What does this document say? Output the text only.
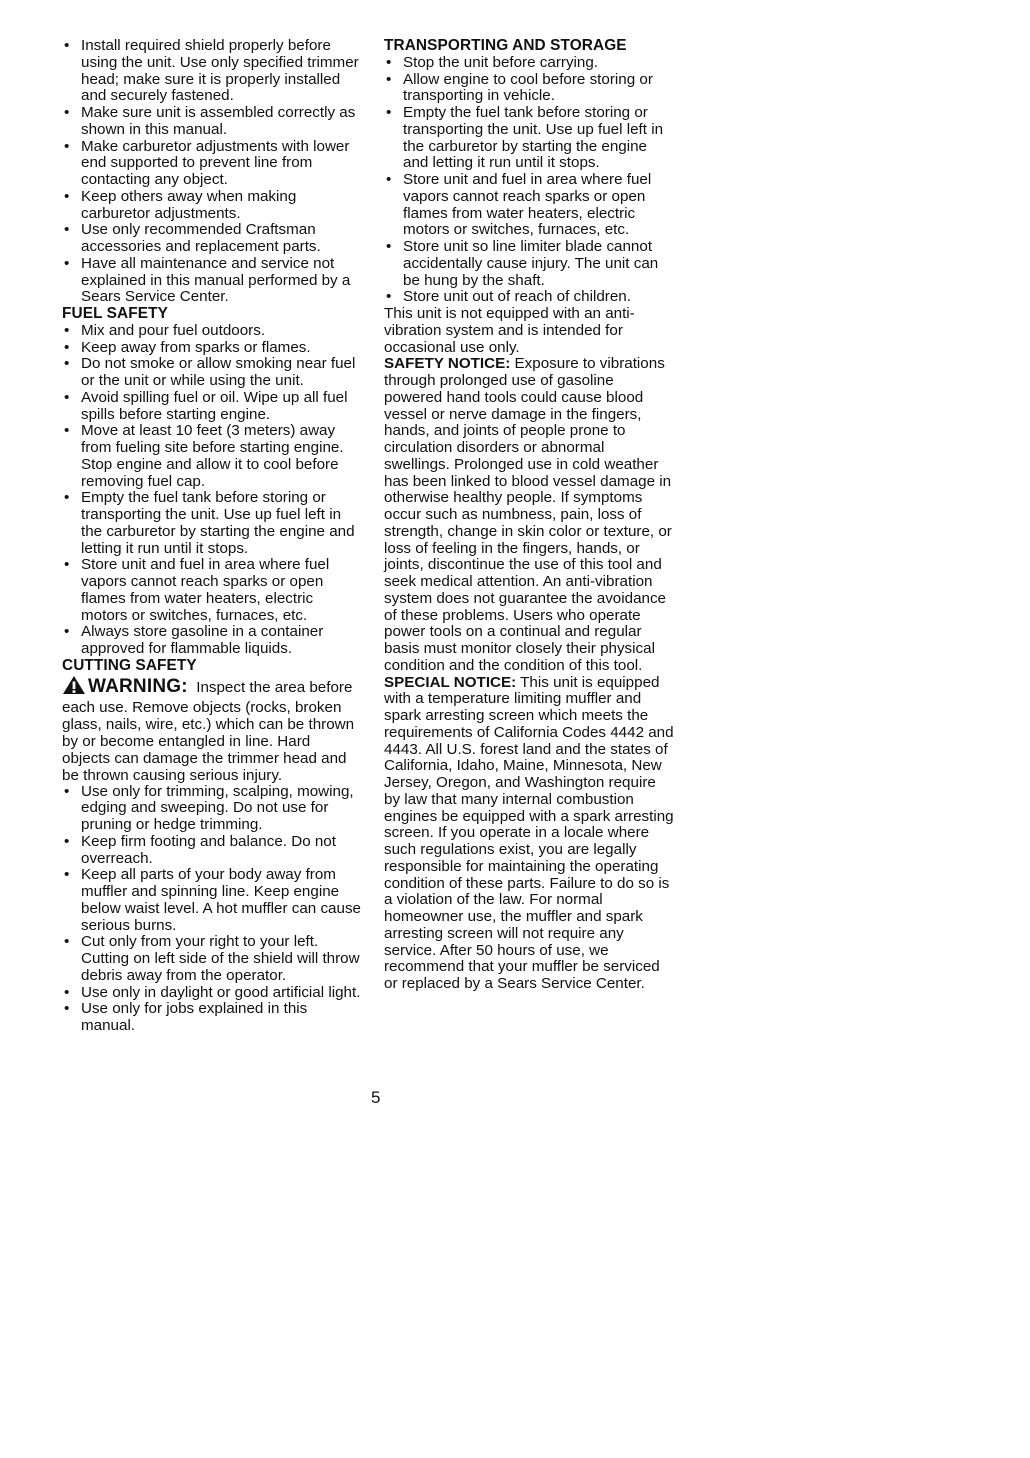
• Install required shield properly before using the unit. Use only specified trimmer head; make sure it is properly installed and securely fastened.
• Make sure unit is assembled correctly as shown in this manual.
• Make carburetor adjustments with lower end supported to prevent line from contacting any object.
• Keep others away when making carburetor adjustments.
• Use only recommended Craftsman accessories and replacement parts.
• Have all maintenance and service not explained in this manual performed by a Sears Service Center.
FUEL SAFETY
• Mix and pour fuel outdoors.
• Keep away from sparks or flames.
• Do not smoke or allow smoking near fuel or the unit or while using the unit.
• Avoid spilling fuel or oil. Wipe up all fuel spills before starting engine.
• Move at least 10 feet (3 meters) away from fueling site before starting engine. Stop engine and allow it to cool before removing fuel cap.
• Empty the fuel tank before storing or transporting the unit. Use up fuel left in the carburetor by starting the engine and letting it run until it stops.
• Store unit and fuel in area where fuel vapors cannot reach sparks or open flames from water heaters, electric motors or switches, furnaces, etc.
• Always store gasoline in a container approved for flammable liquids.
CUTTING SAFETY

WARNING: Inspect the area before each use. Remove objects (rocks, broken glass, nails, wire, etc.) which can be thrown by or become entangled in line. Hard objects can damage the trimmer head and be thrown causing serious injury.

• Use only for trimming, scalping, mowing, edging and sweeping. Do not use for pruning or hedge trimming.
• Keep firm footing and balance. Do not overreach.
• Keep all parts of your body away from muffler and spinning line. Keep engine below waist level. A hot muffler can cause serious burns.
• Cut only from your right to your left. Cutting on left side of the shield will throw debris away from the operator.
• Use only in daylight or good artificial light.
• Use only for jobs explained in this manual.
TRANSPORTING AND STORAGE
• Stop the unit before carrying.
• Allow engine to cool before storing or transporting in vehicle.
• Empty the fuel tank before storing or transporting the unit. Use up fuel left in the carburetor by starting the engine and letting it run until it stops.
• Store unit and fuel in area where fuel vapors cannot reach sparks or open flames from water heaters, electric motors or switches, furnaces, etc.
• Store unit so line limiter blade cannot accidentally cause injury. The unit can be hung by the shaft.
• Store unit out of reach of children.

This unit is not equipped with an anti-vibration system and is intended for occasional use only.

SAFETY NOTICE: Exposure to vibrations through prolonged use of gasoline powered hand tools could cause blood vessel or nerve damage in the fingers, hands, and joints of people prone to circulation disorders or abnormal swellings. Prolonged use in cold weather has been linked to blood vessel damage in otherwise healthy people. If symptoms occur such as numbness, pain, loss of strength, change in skin color or texture, or loss of feeling in the fingers, hands, or joints, discontinue the use of this tool and seek medical attention. An anti-vibration system does not guarantee the avoidance of these problems. Users who operate power tools on a continual and regular basis must monitor closely their physical condition and the condition of this tool.

SPECIAL NOTICE: This unit is equipped with a temperature limiting muffler and spark arresting screen which meets the requirements of California Codes 4442 and 4443. All U.S. forest land and the states of California, Idaho, Maine, Minnesota, New Jersey, Oregon, and Washington require by law that many internal combustion engines be equipped with a spark arresting screen. If you operate in a locale where such regulations exist, you are legally responsible for maintaining the operating condition of these parts. Failure to do so is a violation of the law. For normal homeowner use, the muffler and spark arresting screen will not require any service. After 50 hours of use, we recommend that your muffler be serviced or replaced by a Sears Service Center.

5
